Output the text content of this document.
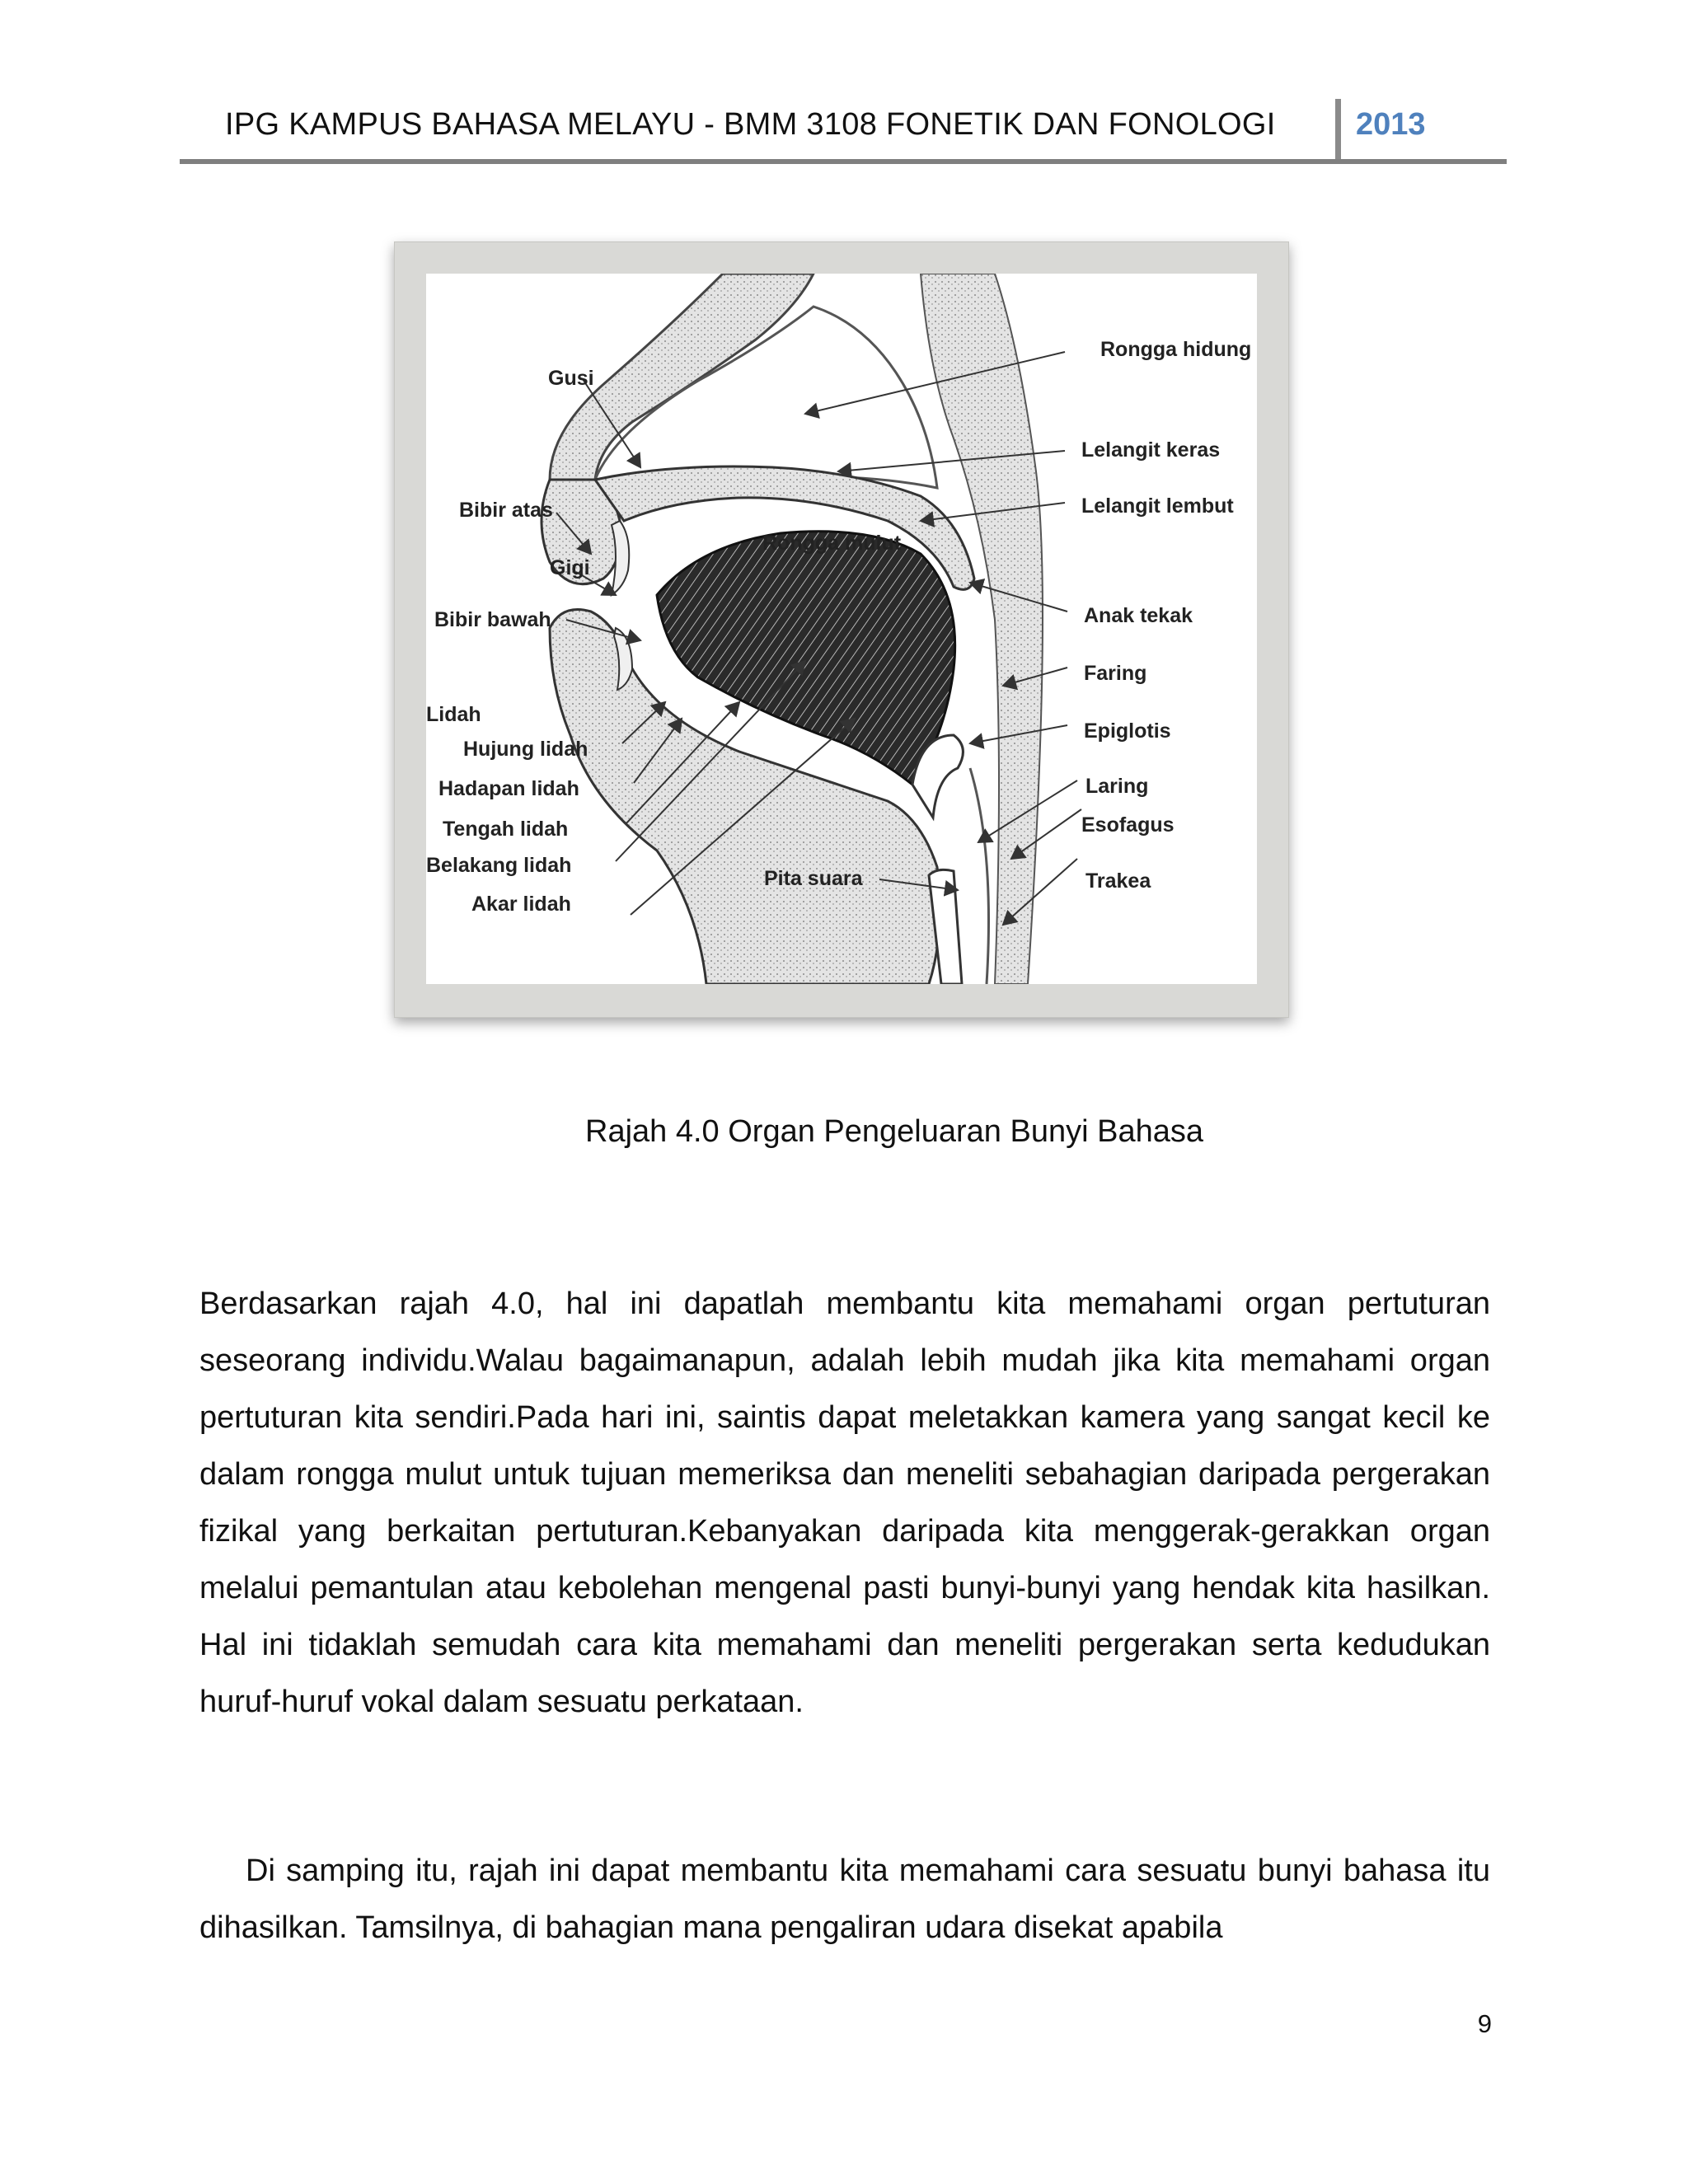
IPG KAMPUS BAHASA MELAYU - BMM 3108 FONETIK DAN FONOLOGI	2013
Gusi
Bibir atas
Gigi
Bibir bawah
Lidah
Hujung lidah
Hadapan lidah
Tengah lidah
Belakang lidah
Akar lidah
Rongga hidung
Lelangit keras
Lelangit lembut
Rongga mulut
Anak tekak
Faring
Epiglotis
Laring
Esofagus
Pita suara	Trakea
Rajah 4.0 Organ Pengeluaran Bunyi Bahasa
Berdasarkan rajah 4.0, hal ini dapatlah membantu kita memahami organ pertuturan seseorang individu.Walau bagaimanapun, adalah lebih mudah jika kita memahami organ pertuturan kita sendiri.Pada hari ini, saintis dapat meletakkan kamera yang sangat kecil ke dalam rongga mulut untuk tujuan memeriksa dan meneliti sebahagian daripada pergerakan fizikal yang berkaitan pertuturan.Kebanyakan daripada kita menggerak-gerakkan organ melalui pemantulan atau kebolehan mengenal pasti bunyi-bunyi yang hendak kita hasilkan. Hal ini tidaklah semudah cara kita memahami dan meneliti pergerakan serta kedudukan huruf-huruf vokal dalam sesuatu perkataan.
Di samping itu, rajah ini dapat membantu kita memahami cara sesuatu bunyi bahasa itu dihasilkan. Tamsilnya, di bahagian mana pengaliran udara disekat apabila
9
